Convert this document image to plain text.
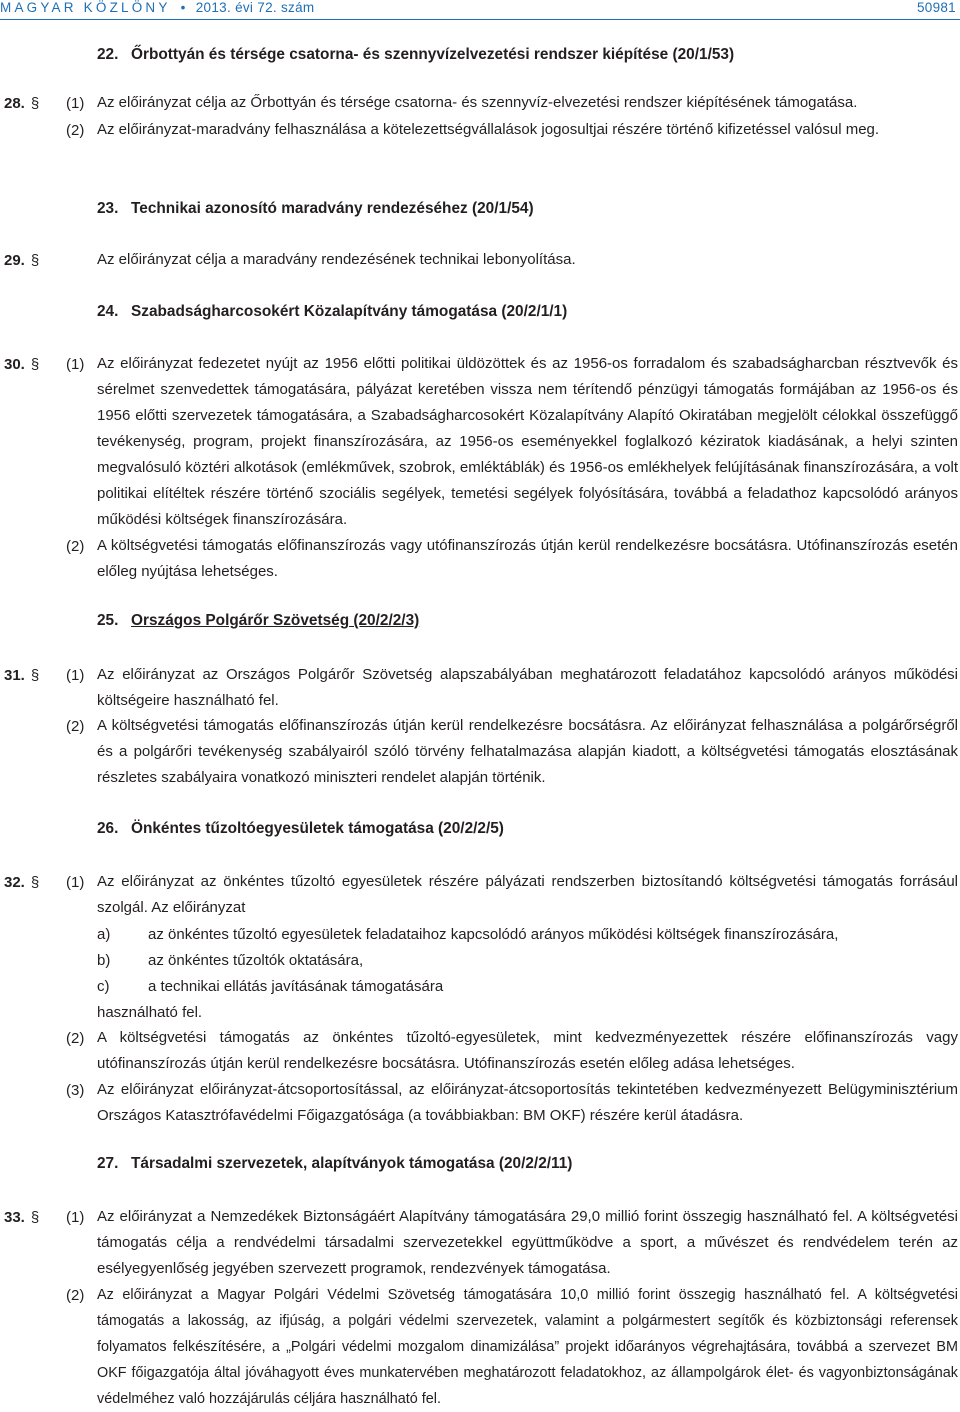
MAGYAR KÖZLÖNY • 2013. évi 72. szám	50981
22. Őrbottyán és térsége csatorna- és szennyvízelvezetési rendszer kiépítése (20/1/53)
28. § (1) Az előirányzat célja az Őrbottyán és térsége csatorna- és szennyvíz-elvezetési rendszer kiépítésének támogatása.
(2) Az előirányzat-maradvány felhasználása a kötelezettségvállalások jogosultjai részére történő kifizetéssel valósul meg.
23. Technikai azonosító maradvány rendezéséhez (20/1/54)
29. §	Az előirányzat célja a maradvány rendezésének technikai lebonyolítása.
24. Szabadságharcosokért Közalapítvány támogatása (20/2/1/1)
30. § (1) Az előirányzat fedezetet nyújt az 1956 előtti politikai üldözöttek és az 1956-os forradalom és szabadságharcban résztvevők és sérelmet szenvedettek támogatására, pályázat keretében vissza nem térítendő pénzügyi támogatás formájában az 1956-os és 1956 előtti szervezetek támogatására, a Szabadságharcosokért Közalapítvány Alapító Okiratában megjelölt célokkal összefüggő tevékenység, program, projekt finanszírozására, az 1956-os eseményekkel foglalkozó kéziratok kiadásának, a helyi szinten megvalósuló köztéri alkotások (emlékművek, szobrok, emléktáblák) és 1956-os emlékhelyek felújításának finanszírozására, a volt politikai elítéltek részére történő szociális segélyek, temetési segélyek folyósítására, továbbá a feladathoz kapcsolódó arányos működési költségek finanszírozására.
(2) A költségvetési támogatás előfinanszírozás vagy utófinanszírozás útján kerül rendelkezésre bocsátásra. Utófinanszírozás esetén előleg nyújtása lehetséges.
25. Országos Polgárőr Szövetség (20/2/2/3)
31. § (1) Az előirányzat az Országos Polgárőr Szövetség alapszabályában meghatározott feladatához kapcsolódó arányos működési költségeire használható fel.
(2) A költségvetési támogatás előfinanszírozás útján kerül rendelkezésre bocsátásra. Az előirányzat felhasználása a polgárőrségről és a polgárőri tevékenység szabályairól szóló törvény felhatalmazása alapján kiadott, a költségvetési támogatás elosztásának részletes szabályaira vonatkozó miniszteri rendelet alapján történik.
26. Önkéntes tűzoltóegyesületek támogatása (20/2/2/5)
32. § (1) Az előirányzat az önkéntes tűzoltó egyesületek részére pályázati rendszerben biztosítandó költségvetési támogatás forrásául szolgál. Az előirányzat
a)	az önkéntes tűzoltó egyesületek feladataihoz kapcsolódó arányos működési költségek finanszírozására,
b)	az önkéntes tűzoltók oktatására,
c)	a technikai ellátás javításának támogatására
használható fel.
(2) A költségvetési támogatás az önkéntes tűzoltó-egyesületek, mint kedvezményezettek részére előfinanszírozás vagy utófinanszírozás útján kerül rendelkezésre bocsátásra. Utófinanszírozás esetén előleg adása lehetséges.
(3) Az előirányzat előirányzat-átcsoportosítással, az előirányzat-átcsoportosítás tekintetében kedvezményezett Belügyminisztérium Országos Katasztrófavédelmi Főigazgatósága (a továbbiakban: BM OKF) részére kerül átadásra.
27. Társadalmi szervezetek, alapítványok támogatása (20/2/2/11)
33. § (1) Az előirányzat a Nemzedékek Biztonságáért Alapítvány támogatására 29,0 millió forint összegig használható fel. A költségvetési támogatás célja a rendvédelmi társadalmi szervezetekkel együttműködve a sport, a művészet és rendvédelem terén az esélyegyenlőség jegyében szervezett programok, rendezvények támogatása.
(2) Az előirányzat a Magyar Polgári Védelmi Szövetség támogatására 10,0 millió forint összegig használható fel. A költségvetési támogatás a lakosság, az ifjúság, a polgári védelmi szervezetek, valamint a polgármestert segítők és közbiztonsági referensek folyamatos felkészítésére, a „Polgári védelmi mozgalom dinamizálása” projekt időarányos végrehajtására, továbbá a szervezet BM OKF főigazgatója által jóváhagyott éves munkatervében meghatározott feladatokhoz, az állampolgárok élet- és vagyonbiztonságának védelméhez való hozzájárulás céljára használható fel.
